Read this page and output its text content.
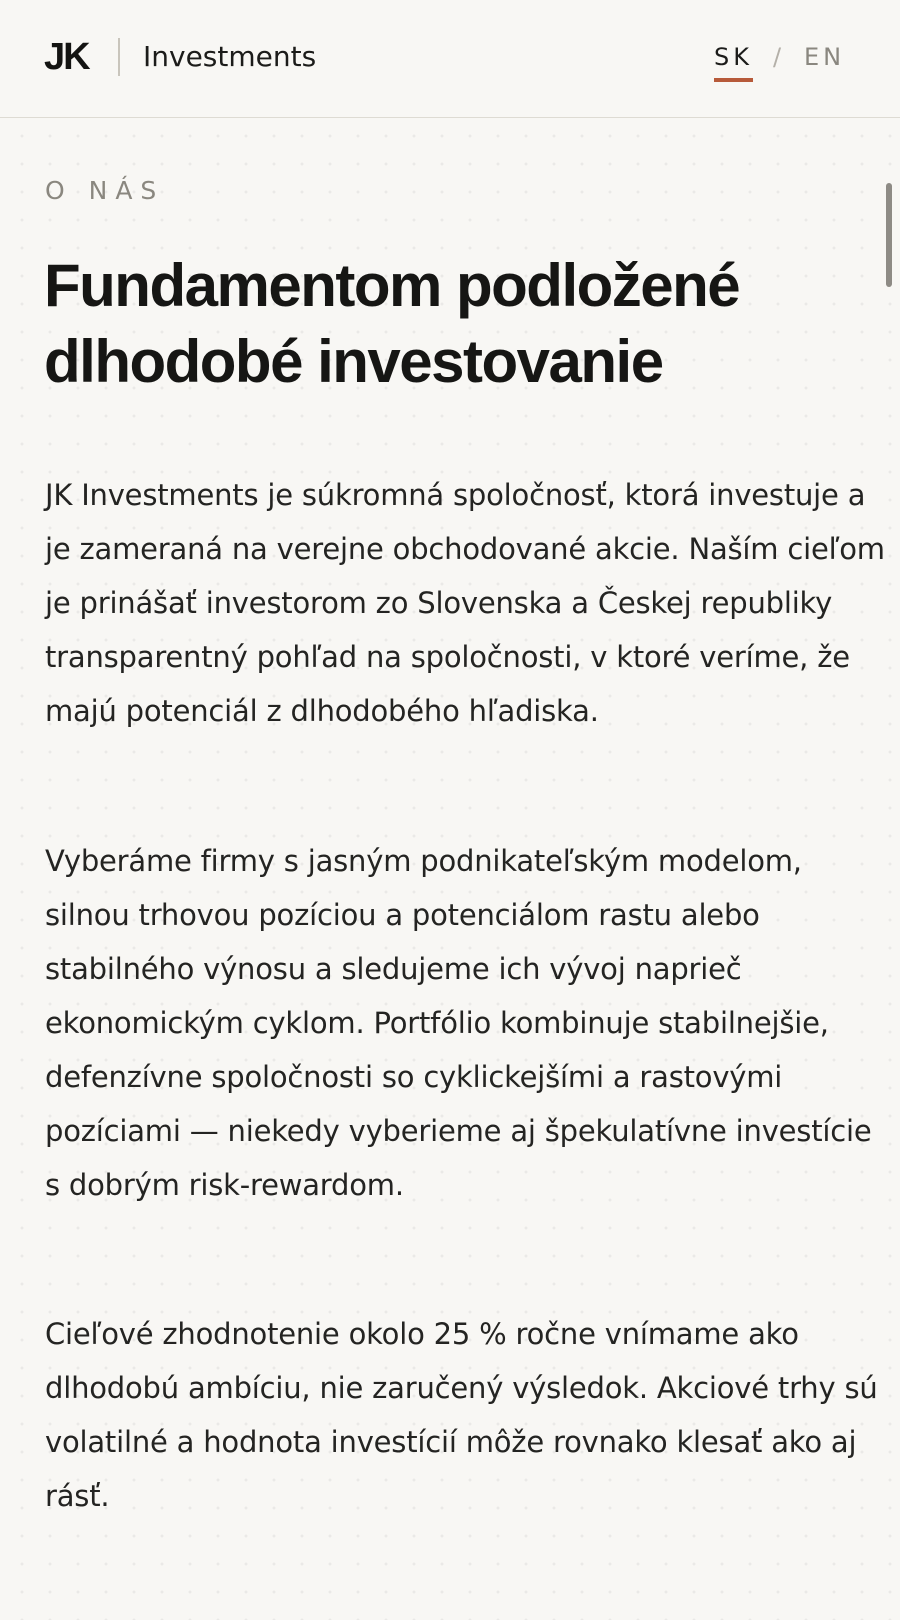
JK Investments	SK / EN
O NÁS
Fundamentom podložené
dlhodobé investovanie

JK Investments je súkromná spoločnosť, ktorá investuje a je zameraná na verejne obchodované akcie. Naším cieľom je prinášať investorom zo Slovenska a Českej republiky transparentný pohľad na spoločnosti, v ktoré veríme, že majú potenciál z dlhodobého hľadiska.

Vyberáme firmy s jasným podnikateľským modelom, silnou trhovou pozíciou a potenciálom rastu alebo stabilného výnosu a sledujeme ich vývoj naprieč ekonomickým cyklom. Portfólio kombinuje stabilnejšie, defenzívne spoločnosti so cyklickejšími a rastovými pozíciami — niekedy vyberieme aj špekulatívne investície s dobrým risk-rewardom.

Cieľové zhodnotenie okolo 25 % ročne vnímame ako dlhodobú ambíciu, nie zaručený výsledok. Akciové trhy sú volatilné a hodnota investícií môže rovnako klesať ako aj rásť.
